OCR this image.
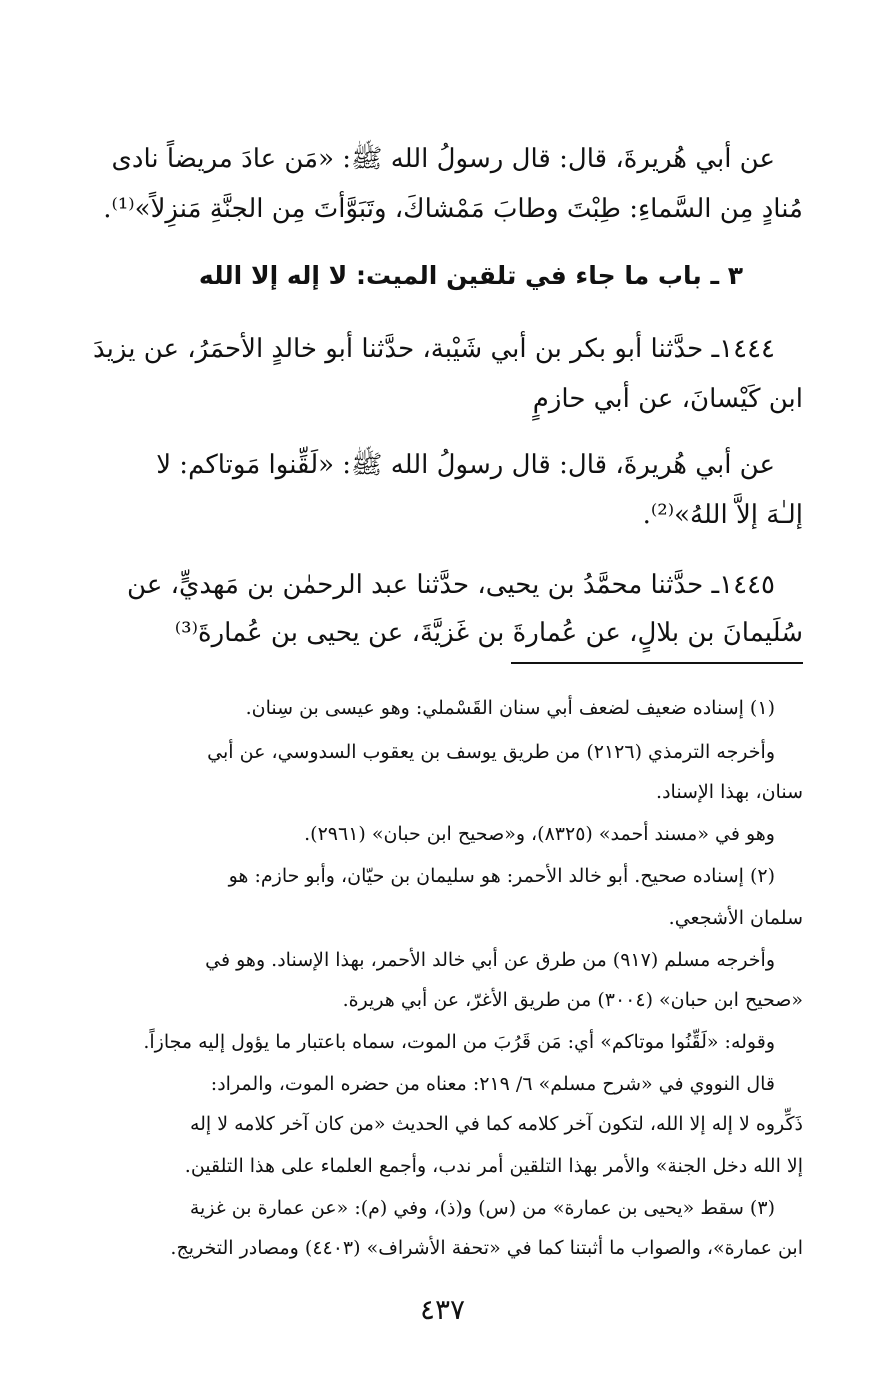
عن أبي هُريرةَ، قال: قال رسولُ الله ﷺ: «مَن عادَ مريضاً نادى
مُنادٍ مِن السَّماءِ: طِبْتَ وطابَ مَمْشاكَ، وتَبَوَّأتَ مِن الجنَّةِ مَنزِلاً»⁽¹⁾.
٣ ـ باب ما جاء في تلقين الميت: لا إله إلا الله
١٤٤٤ـ حدَّثنا أبو بكر بن أبي شَيْبة، حدَّثنا أبو خالدٍ الأحمَرُ، عن يزيدَ
ابن كَيْسانَ، عن أبي حازمٍ
عن أبي هُريرةَ، قال: قال رسولُ الله ﷺ: «لَقِّنوا مَوتاكم: لا
إلـٰهَ إلاَّ اللهُ»⁽²⁾.
١٤٤٥ـ حدَّثنا محمَّدُ بن يحيى، حدَّثنا عبد الرحمٰن بن مَهديٍّ، عن
سُلَيمانَ بن بلالٍ، عن عُمارةَ بن غَزيَّةَ، عن يحيى بن عُمارةَ⁽³⁾
(١) إسناده ضعيف لضعف أبي سنان القَسْملي: وهو عيسى بن سِنان.
وأخرجه الترمذي (٢١٢٦) من طريق يوسف بن يعقوب السدوسي، عن أبي
سنان، بهذا الإسناد.
وهو في «مسند أحمد» (٨٣٢٥)، و«صحيح ابن حبان» (٢٩٦١).
(٢) إسناده صحيح. أبو خالد الأحمر: هو سليمان بن حيّان، وأبو حازم: هو
سلمان الأشجعي.
وأخرجه مسلم (٩١٧) من طرق عن أبي خالد الأحمر، بهذا الإسناد. وهو في
«صحيح ابن حبان» (٣٠٠٤) من طريق الأغرّ، عن أبي هريرة.
وقوله: «لَقِّنُوا موتاكم» أي: مَن قَرُبَ من الموت، سماه باعتبار ما يؤول إليه مجازاً.
قال النووي في «شرح مسلم» ٦/ ٢١٩: معناه من حضره الموت، والمراد:
ذَكِّروه لا إله إلا الله، لتكون آخر كلامه كما في الحديث «من كان آخر كلامه لا إله
إلا الله دخل الجنة» والأمر بهذا التلقين أمر ندب، وأجمع العلماء على هذا التلقين.
(٣) سقط «يحيى بن عمارة» من (س) و(ذ)، وفي (م): «عن عمارة بن غزية
ابن عمارة»، والصواب ما أثبتنا كما في «تحفة الأشراف» (٤٤٠٣) ومصادر التخريج.
٤٣٧
